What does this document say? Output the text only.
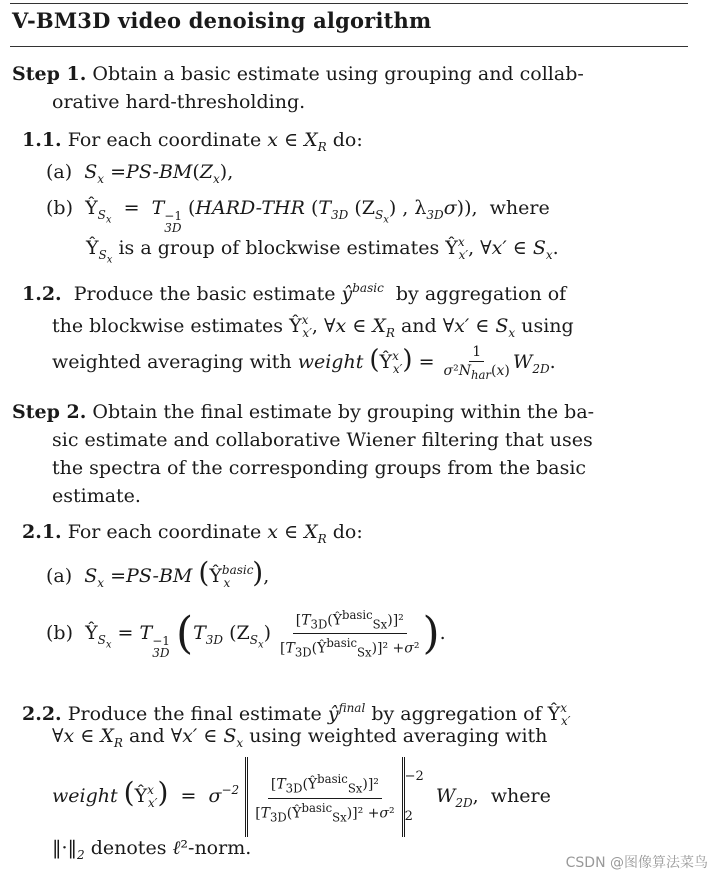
V-BM3D video denoising algorithm
Step 1. Obtain a basic estimate using grouping and collab-
orative hard-thresholding.
1.1. For each coordinate x ∈ $X_R$ do:
(a) $S_x =PS-BM(Z_x)$,
(b)  $Ŷ_{S_x} = T -1$
3D
(HARD-THR ($T_{3D}$ $(Z_{S_x})$ , $\lambda_{3D}\sigma$)),  where
$Ŷ_{S_x}$ is a group of blockwise estimates $Ŷ^x_{x'}$, ∀x′ ∈ $S_x$.
1.2.  Produce the basic estimate $ŷ^{basic}$  by aggregation of
the blockwise estimates $Ŷ^x_{x'}$, ∀x ∈ $X_R$ and ∀x′ ∈ $S_x$ using
weighted averaging with weight $(Ŷ^x_{x'}) = \frac{1}{\sigma^2N_{har}(x)} W_{2D}$.
Step 2. Obtain the final estimate by grouping within the ba-
sic estimate and collaborative Wiener filtering that uses
the spectra of the corresponding groups from the basic
estimate.
2.1. For each coordinate x ∈ $X_R$ do:
(a) $S_x =PS-BM$ ($Ŷ^{basic}_x$ ),
(b)  $Ŷ_{S_x} = T -1$
3D ($T_{3D}$ $(Z_{S_x}) \frac{[T_{3D}(Ŷ^{basic}_{Sx})]^2}{[T_{3D}(Ŷ^{basic}_{Sx})]^2 +\sigma^2}$ ).
2.2. Produce the final estimate $ŷ^{final}$ by aggregation of $Ŷ^x_{x'}$
∀x ∈ $X_R$ and ∀x′ ∈ $S_x$ using weighted averaging with
weight $(Ŷ^x_{x'}) = \sigma^{-2} \frac{[T_{3D}(Ŷ^{basic}_{Sx})]^2}{[T_{3D}(Ŷ^{basic}_{Sx})]^2 +\sigma^2} -2$
2
$W_{2D}$,  where
$‖\cdot‖_2$ denotes ℓ²-norm.
CSDN @图像算法菜鸟
